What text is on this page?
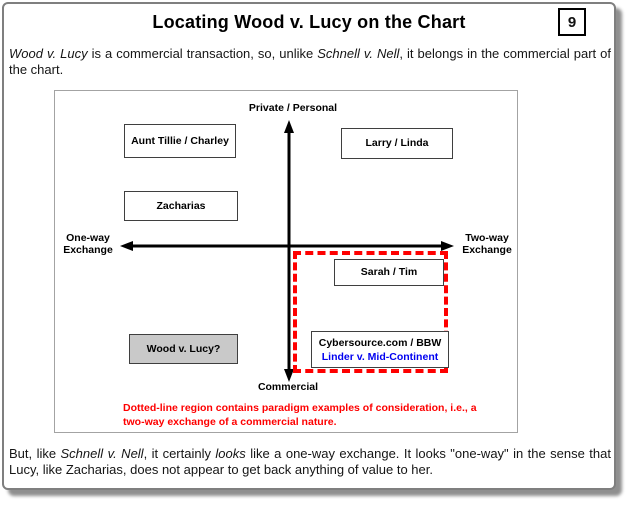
Locating Wood v. Lucy on the Chart	9
Wood v. Lucy is a commercial transaction, so, unlike Schnell v. Nell, it belongs in the commercial part of the chart.
Private / Personal
One-way
Exchange
Two-way
Exchange
Commercial
Aunt Tillie / Charley	Larry / Linda
Zacharias
Sarah / Tim
Wood v. Lucy?	Cybersource.com / BBW
Linder v. Mid-Continent
Dotted-line region contains paradigm examples of consideration, i.e., a
two-way exchange of a commercial nature.
But, like Schnell v. Nell, it certainly looks like a one-way exchange. It looks "one-way" in the sense that Lucy, like Zacharias, does not appear to get back anything of value to her.
